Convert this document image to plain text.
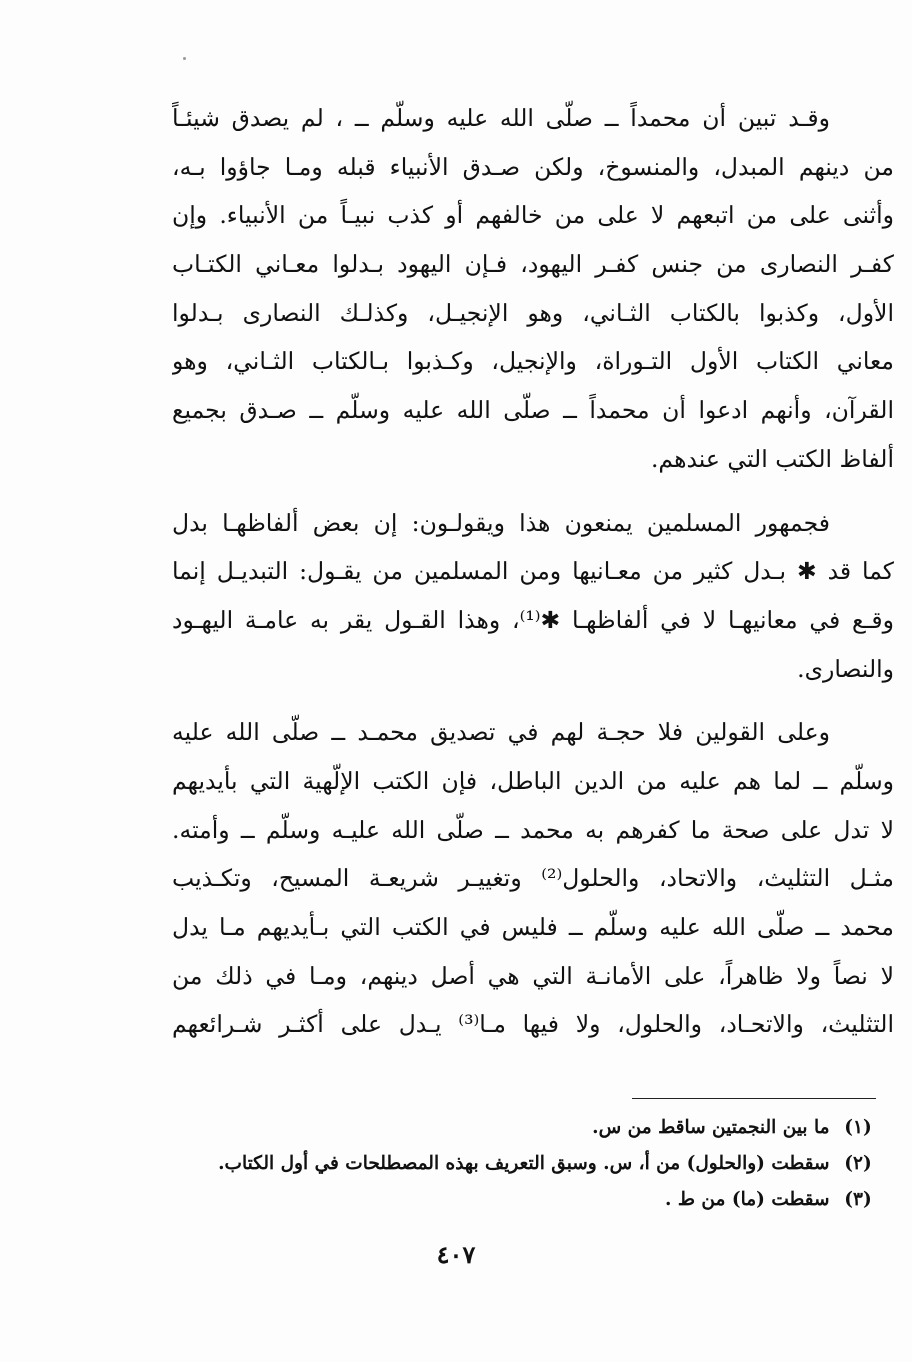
وقـد تبين أن محمداً ــ صلّى الله عليه وسلّم ــ ، لم يصدق شيئـاً
من دينهم المبدل، والمنسوخ، ولكن صـدق الأنبياء قبله ومـا جاؤوا بـه،
وأثنى على من اتبعهم لا على من خالفهم أو كذب نبيـاً من الأنبياء. وإن
كفـر النصارى من جنس كفـر اليهود، فـإن اليهود بـدلوا معـاني الكتـاب
الأول، وكذبوا بالكتاب الثـاني، وهو الإنجيـل، وكذلـك النصارى بـدلوا
معاني الكتاب الأول التـوراة، والإنجيل، وكـذبوا بـالكتاب الثـاني، وهو
القرآن، وأنهم ادعوا أن محمداً ــ صلّى الله عليه وسلّم ــ صـدق بجميع
ألفاظ الكتب التي عندهم.
فجمهور المسلمين يمنعون هذا ويقولـون: إن بعض ألفاظهـا بدل
كما قد ✱ بـدل كثير من معـانيها ومن المسلمين من يقـول: التبديـل إنما
وقـع في معانيهـا لا في ألفاظهـا ✱⁽¹⁾، وهذا القـول يقر به عامـة اليهـود
والنصارى.
وعلى القولين فلا حجـة لهم في تصديق محمـد ــ صلّى الله عليه
وسلّم ــ لما هم عليه من الدين الباطل، فإن الكتب الإلّهية التي بأيديهم
لا تدل على صحة ما كفرهم به محمد ــ صلّى الله عليـه وسلّم ــ وأمته.
مثـل التثليث، والاتحاد، والحلول⁽²⁾ وتغييـر شريعـة المسيح، وتكـذيب
محمد ــ صلّى الله عليه وسلّم ــ فليس في الكتب التي بـأيديهم مـا يدل
لا نصاً ولا ظاهراً، على الأمانـة التي هي أصل دينهم، ومـا في ذلك من
التثليث، والاتحـاد، والحلول، ولا فيها مـا⁽³⁾ يـدل على أكثـر شـرائعهم
(١) ما بين النجمتين ساقط من س.
(٢) سقطت (والحلول) من أ، س. وسبق التعريف بهذه المصطلحات في أول الكتاب.
(٣) سقطت (ما) من ط .
٤٠٧
